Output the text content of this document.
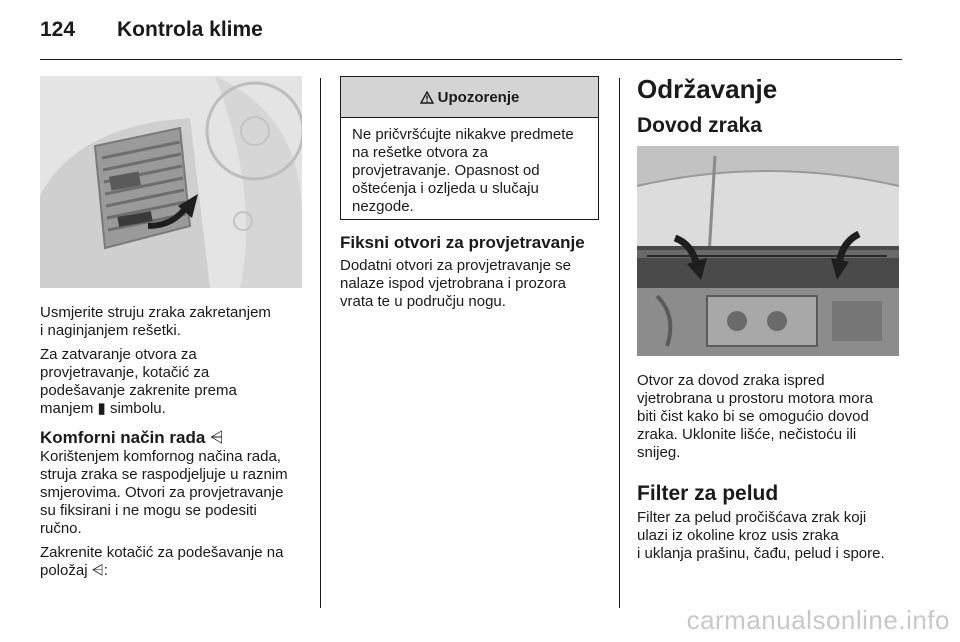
124 Kontrola klime

Usmjerite struju zraka zakretanjem
i naginjanjem rešetki.

Za zatvaranje otvora za
provjetravanje, kotačić za
podešavanje zakrenite prema
manjem ▮ simbolu.

Komforni način rada ⩤

Korištenjem komfornog načina rada,
struja zraka se raspodjeljuje u raznim
smjerovima. Otvori za provjetravanje
su fiksirani i ne mogu se podesiti
ručno.

Zakrenite kotačić za podešavanje na
položaj ⩤:

Upozorenje
Ne pričvršćujte nikakve predmete
na rešetke otvora za
provjetravanje. Opasnost od
oštećenja i ozljeda u slučaju
nezgode.
Fiksni otvori za provjetravanje

Dodatni otvori za provjetravanje se
nalaze ispod vjetrobrana i prozora
vrata te u području nogu.

Održavanje
Dovod zraka

Otvor za dovod zraka ispred
vjetrobrana u prostoru motora mora
biti čist kako bi se omogućio dovod
zraka. Uklonite lišće, nečistoću ili
snijeg.

Filter za pelud

Filter za pelud pročišćava zrak koji
ulazi iz okoline kroz usis zraka
i uklanja prašinu, čađu, pelud i spore.

carmanualsonline.info
